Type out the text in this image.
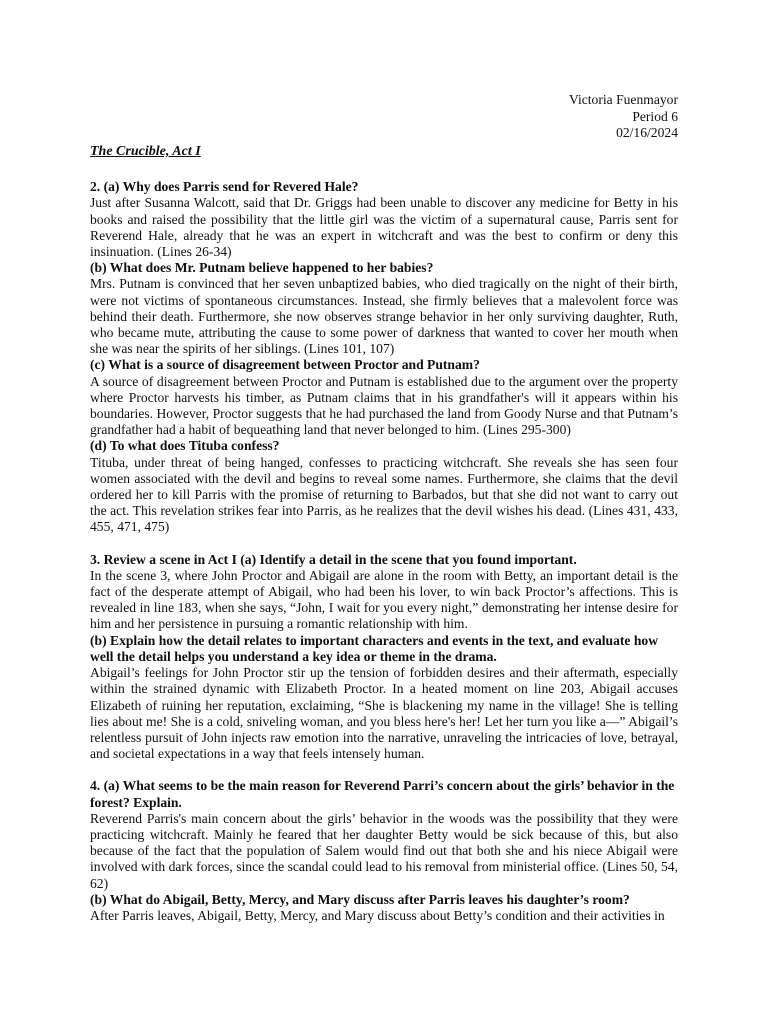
Victoria Fuenmayor
Period 6
02/16/2024
The Crucible, Act I

2. (a) Why does Parris send for Revered Hale?

Just after Susanna Walcott, said that Dr. Griggs had been unable to discover any medicine for Betty in his books and raised the possibility that the little girl was the victim of a supernatural cause, Parris sent for Reverend Hale, already that he was an expert in witchcraft and was the best to confirm or deny this insinuation. (Lines 26-34)

(b) What does Mr. Putnam believe happened to her babies?

Mrs. Putnam is convinced that her seven unbaptized babies, who died tragically on the night of their birth, were not victims of spontaneous circumstances. Instead, she firmly believes that a malevolent force was behind their death. Furthermore, she now observes strange behavior in her only surviving daughter, Ruth, who became mute, attributing the cause to some power of darkness that wanted to cover her mouth when she was near the spirits of her siblings. (Lines 101, 107)

(c) What is a source of disagreement between Proctor and Putnam?

A source of disagreement between Proctor and Putnam is established due to the argument over the property where Proctor harvests his timber, as Putnam claims that in his grandfather's will it appears within his boundaries. However, Proctor suggests that he had purchased the land from Goody Nurse and that Putnam’s grandfather had a habit of bequeathing land that never belonged to him. (Lines 295-300)

(d) To what does Tituba confess?

Tituba, under threat of being hanged, confesses to practicing witchcraft. She reveals she has seen four women associated with the devil and begins to reveal some names. Furthermore, she claims that the devil ordered her to kill Parris with the promise of returning to Barbados, but that she did not want to carry out the act. This revelation strikes fear into Parris, as he realizes that the devil wishes his dead. (Lines 431, 433, 455, 471, 475)

3. Review a scene in Act I (a) Identify a detail in the scene that you found important.

In the scene 3, where John Proctor and Abigail are alone in the room with Betty, an important detail is the fact of the desperate attempt of Abigail, who had been his lover, to win back Proctor’s affections. This is revealed in line 183, when she says, “John, I wait for you every night,” demonstrating her intense desire for him and her persistence in pursuing a romantic relationship with him.

(b) Explain how the detail relates to important characters and events in the text, and evaluate how well the detail helps you understand a key idea or theme in the drama.

Abigail’s feelings for John Proctor stir up the tension of forbidden desires and their aftermath, especially within the strained dynamic with Elizabeth Proctor. In a heated moment on line 203, Abigail accuses Elizabeth of ruining her reputation, exclaiming, “She is blackening my name in the village! She is telling lies about me! She is a cold, sniveling woman, and you bless here's her! Let her turn you like a—” Abigail’s relentless pursuit of John injects raw emotion into the narrative, unraveling the intricacies of love, betrayal, and societal expectations in a way that feels intensely human.

4. (a) What seems to be the main reason for Reverend Parri’s concern about the girls’ behavior in the forest? Explain.

Reverend Parris's main concern about the girls’ behavior in the woods was the possibility that they were practicing witchcraft. Mainly he feared that her daughter Betty would be sick because of this, but also because of the fact that the population of Salem would find out that both she and his niece Abigail were involved with dark forces, since the scandal could lead to his removal from ministerial office. (Lines 50, 54, 62)

(b) What do Abigail, Betty, Mercy, and Mary discuss after Parris leaves his daughter’s room?

After Parris leaves, Abigail, Betty, Mercy, and Mary discuss about Betty’s condition and their activities in
